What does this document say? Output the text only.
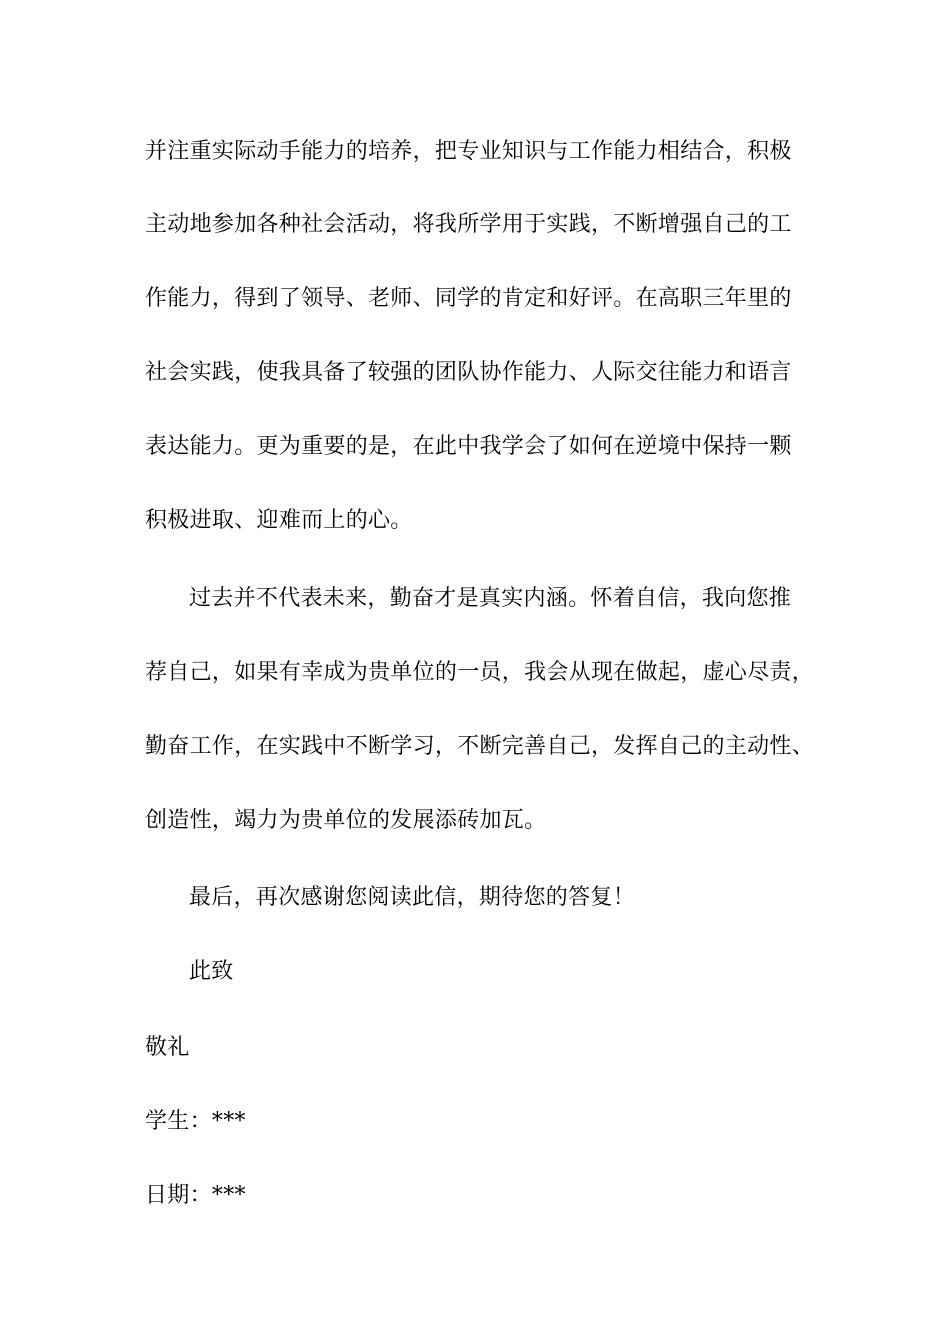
并注重实际动手能力的培养，把专业知识与工作能力相结合，积极
主动地参加各种社会活动，将我所学用于实践，不断增强自己的工
作能力，得到了领导、老师、同学的肯定和好评。在高职三年里的
社会实践，使我具备了较强的团队协作能力、人际交往能力和语言
表达能力。更为重要的是，在此中我学会了如何在逆境中保持一颗
积极进取、迎难而上的心。
过去并不代表未来，勤奋才是真实内涵。怀着自信，我向您推
荐自己，如果有幸成为贵单位的一员，我会从现在做起，虚心尽责，
勤奋工作，在实践中不断学习，不断完善自己，发挥自己的主动性、
创造性，竭力为贵单位的发展添砖加瓦。
最后，再次感谢您阅读此信，期待您的答复！
此致
敬礼
学生：***
日期：***
